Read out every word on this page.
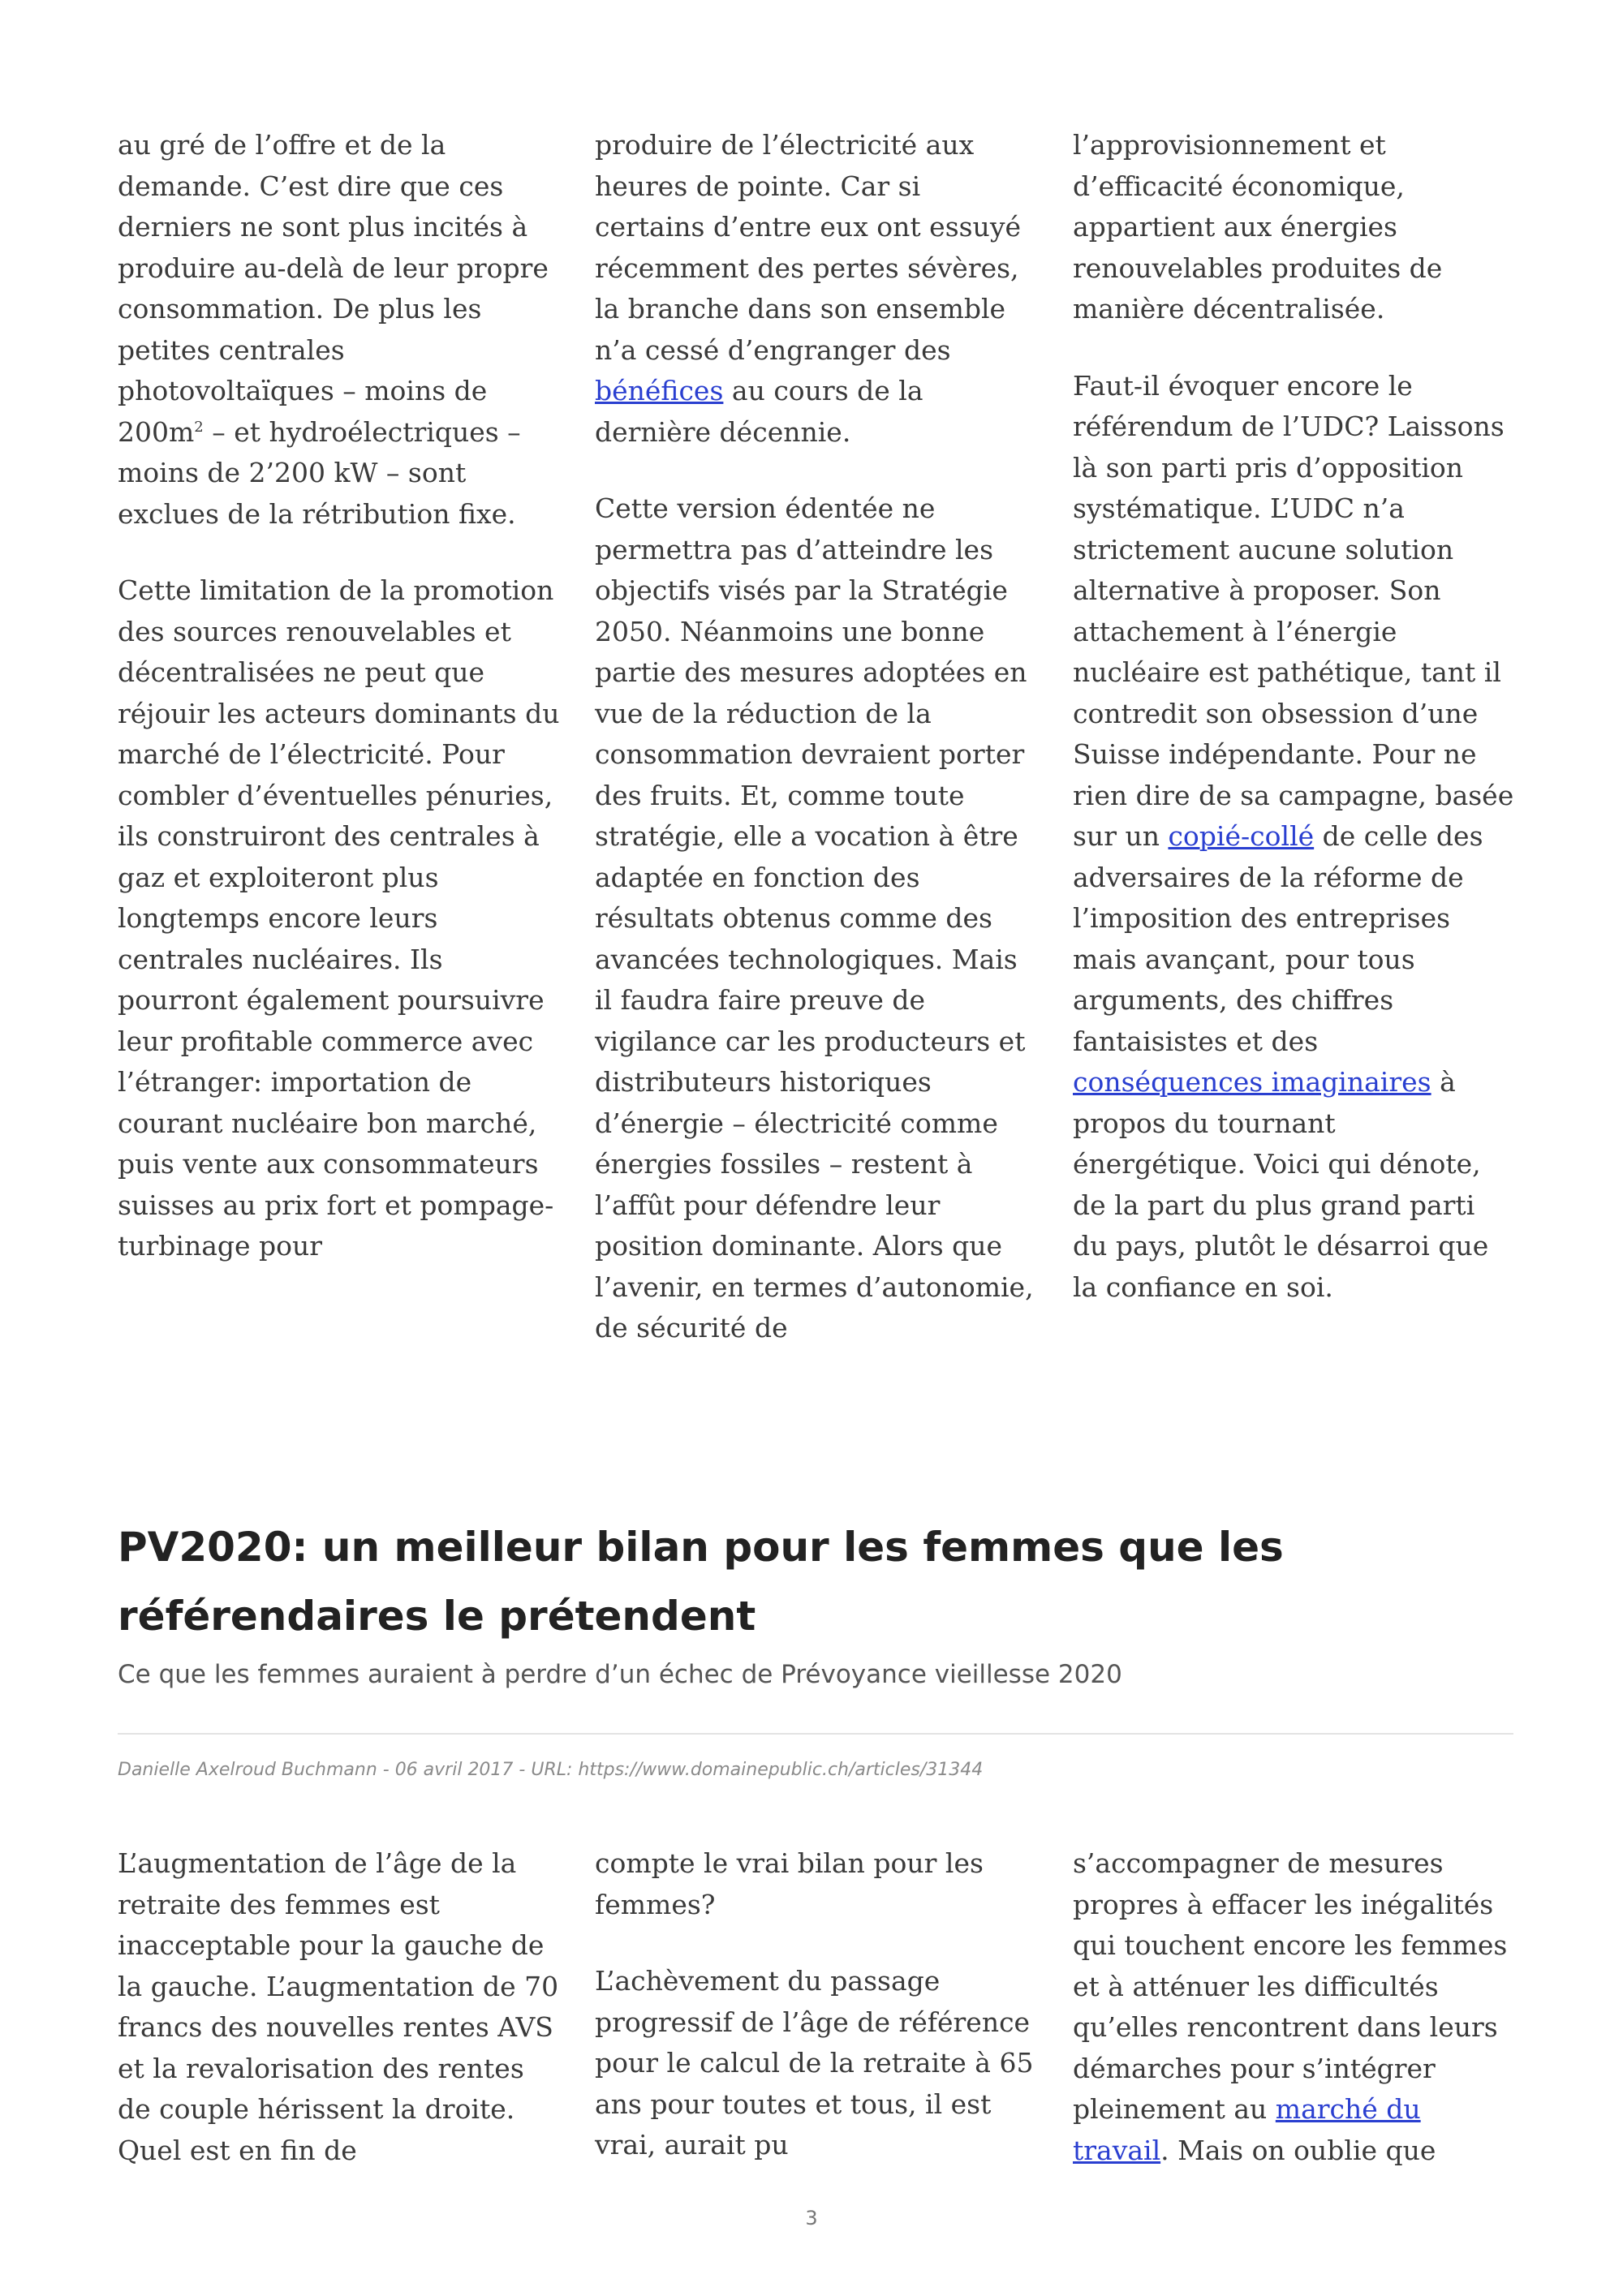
au gré de l’offre et de la demande. C’est dire que ces derniers ne sont plus incités à produire au-delà de leur propre consommation. De plus les petites centrales photovoltaïques – moins de $200m^2$ – et hydroélectriques – moins de 2’200 kW – sont exclues de la rétribution fixe.

Cette limitation de la promotion des sources renouvelables et décentralisées ne peut que réjouir les acteurs dominants du marché de l’électricité. Pour combler d’éventuelles pénuries, ils construiront des centrales à gaz et exploiteront plus longtemps encore leurs centrales nucléaires. Ils pourront également poursuivre leur profitable commerce avec l’étranger: importation de courant nucléaire bon marché, puis vente aux consommateurs suisses au prix fort et pompage-turbinage pour

produire de l’électricité aux heures de pointe. Car si certains d’entre eux ont essuyé récemment des pertes sévères, la branche dans son ensemble n’a cessé d’engranger des bénéfices au cours de la dernière décennie.

Cette version édentée ne permettra pas d’atteindre les objectifs visés par la Stratégie 2050. Néanmoins une bonne partie des mesures adoptées en vue de la réduction de la consommation devraient porter des fruits. Et, comme toute stratégie, elle a vocation à être adaptée en fonction des résultats obtenus comme des avancées technologiques. Mais il faudra faire preuve de vigilance car les producteurs et distributeurs historiques d’énergie – électricité comme énergies fossiles – restent à l’affût pour défendre leur position dominante. Alors que l’avenir, en termes d’autonomie, de sécurité de

l’approvisionnement et d’efficacité économique, appartient aux énergies renouvelables produites de manière décentralisée.

Faut-il évoquer encore le référendum de l’UDC? Laissons là son parti pris d’opposition systématique. L’UDC n’a strictement aucune solution alternative à proposer. Son attachement à l’énergie nucléaire est pathétique, tant il contredit son obsession d’une Suisse indépendante. Pour ne rien dire de sa campagne, basée sur un copié-collé de celle des adversaires de la réforme de l’imposition des entreprises mais avançant, pour tous arguments, des chiffres fantaisistes et des conséquences imaginaires à propos du tournant énergétique. Voici qui dénote, de la part du plus grand parti du pays, plutôt le désarroi que la confiance en soi.

PV2020: un meilleur bilan pour les femmes que les référendaires le prétendent

Ce que les femmes auraient à perdre d’un échec de Prévoyance vieillesse 2020

Danielle Axelroud Buchmann - 06 avril 2017 - URL: https://www.domainepublic.ch/articles/31344

L’augmentation de l’âge de la retraite des femmes est inacceptable pour la gauche de la gauche. L’augmentation de 70 francs des nouvelles rentes AVS et la revalorisation des rentes de couple hérissent la droite. Quel est en fin de

compte le vrai bilan pour les femmes?

L’achèvement du passage progressif de l’âge de référence pour le calcul de la retraite à 65 ans pour toutes et tous, il est vrai, aurait pu

s’accompagner de mesures propres à effacer les inégalités qui touchent encore les femmes et à atténuer les difficultés qu’elles rencontrent dans leurs démarches pour s’intégrer pleinement au marché du travail. Mais on oublie que

3
